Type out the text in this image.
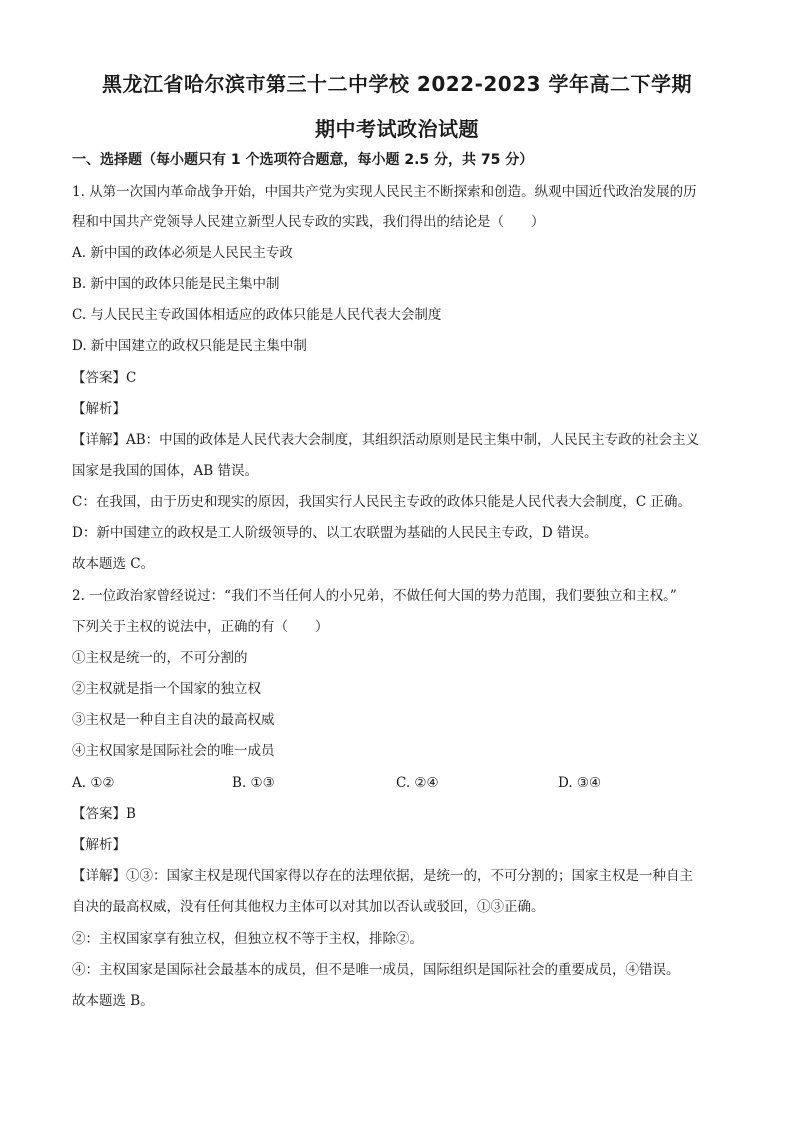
黑龙江省哈尔滨市第三十二中学校 2022-2023 学年高二下学期
期中考试政治试题
一、选择题（每小题只有 1 个选项符合题意，每小题 2.5 分，共 75 分）
1. 从第一次国内革命战争开始，中国共产党为实现人民民主不断探索和创造。纵观中国近代政治发展的历
程和中国共产党领导人民建立新型人民专政的实践，我们得出的结论是（　　）
A. 新中国的政体必须是人民民主专政
B. 新中国的政体只能是民主集中制
C. 与人民民主专政国体相适应的政体只能是人民代表大会制度
D. 新中国建立的政权只能是民主集中制
【答案】C
【解析】
【详解】AB：中国的政体是人民代表大会制度，其组织活动原则是民主集中制，人民民主专政的社会主义
国家是我国的国体，AB 错误。
C：在我国，由于历史和现实的原因，我国实行人民民主专政的政体只能是人民代表大会制度，C 正确。
D：新中国建立的政权是工人阶级领导的、以工农联盟为基础的人民民主专政，D 错误。
故本题选 C。
2. 一位政治家曾经说过：“我们不当任何人的小兄弟，不做任何大国的势力范围，我们要独立和主权。”
下列关于主权的说法中，正确的有（　　）
①主权是统一的，不可分割的
②主权就是指一个国家的独立权
③主权是一种自主自决的最高权威
④主权国家是国际社会的唯一成员
A. ①②	B. ①③	C. ②④	D. ③④
【答案】B
【解析】
【详解】①③：国家主权是现代国家得以存在的法理依据，是统一的，不可分割的；国家主权是一种自主
自决的最高权威，没有任何其他权力主体可以对其加以否认或驳回，①③正确。
②：主权国家享有独立权，但独立权不等于主权，排除②。
④：主权国家是国际社会最基本的成员，但不是唯一成员，国际组织是国际社会的重要成员，④错误。
故本题选 B。
